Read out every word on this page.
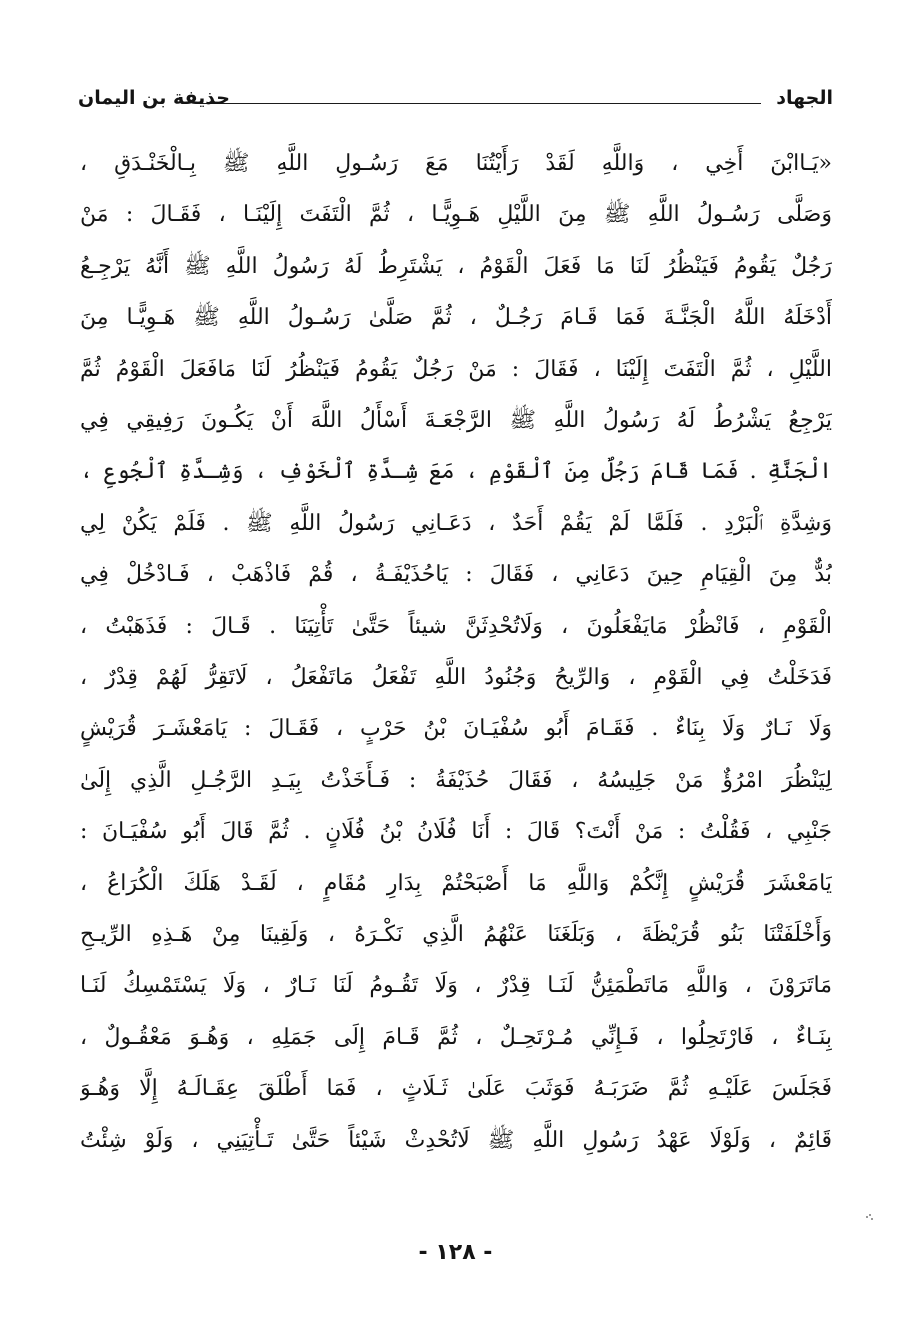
الجهاد
حذيفة بن اليمان
«يَـاابْنَ أَخِي ، وَاللَّهِ لَقَدْ رَأَيْتُنَا مَعَ رَسُـولِ اللَّهِ ﷺ بِـالْخَنْـدَقِ ،
وَصَلَّى رَسُـولُ اللَّهِ ﷺ مِنَ اللَّيْلِ هَـوِيًّـا ، ثُمَّ الْتَفَتَ إِلَيْنَـا ، فَقَـالَ : مَنْ
رَجُلٌ يَقُومُ فَيَنْظُرُ لَنَا مَا فَعَلَ الْقَوْمُ ، يَشْتَرِطُ لَهُ رَسُولُ اللَّهِ ﷺ أَنَّهُ يَرْجِـعُ
أَدْخَلَهُ اللَّهُ الْجَنَّـةَ فَمَا قَـامَ رَجُـلٌ ، ثُمَّ صَلَّىٰ رَسُـولُ اللَّهِ ﷺ هَـوِيًّـا مِنَ
اللَّيْلِ ، ثُمَّ الْتَفَتَ إِلَيْنَا ، فَقَالَ : مَنْ رَجُلٌ يَقُومُ فَيَنْظُرُ لَنَا مَافَعَلَ الْقَوْمُ ثُمَّ
يَرْجِعُ يَشْرُطُ لَهُ رَسُولُ اللَّهِ ﷺ الرَّجْعَـةَ أَسْأَلُ اللَّهَ أَنْ يَكُـونَ رَفِيقِي فِي
الْجَنَّةِ . فَمَا قَامَ رَجُلٌ مِنَ ٱلْقَوْمِ ، مَعَ شِـدَّةِ ٱلْخَوْفِ ، وَشِـدَّةِ ٱلْجُوعِ ،
وَشِدَّةِ ٱلْبَرْدِ . فَلَمَّا لَمْ يَقُمْ أَحَدٌ ، دَعَـانِي رَسُولُ اللَّهِ ﷺ . فَلَمْ يَكُنْ لِي
بُدٌّ مِنَ الْقِيَامِ حِينَ دَعَانِي ، فَقَالَ : يَاحُذَيْفَـةُ ، قُمْ فَاذْهَبْ ، فَـادْخُلْ فِي
الْقَوْمِ ، فَانْظُرْ مَايَفْعَلُونَ ، وَلَاتُحْدِثَنَّ شيئاً حَتَّىٰ تَأْتِيَنَا . قَـالَ : فَذَهَبْتُ ،
فَدَخَلْتُ فِي الْقَوْمِ ، وَالرِّيحُ وَجُنُودُ اللَّهِ تَفْعَلُ مَاتَفْعَلُ ، لَاتَقِرُّ لَهُمْ قِدْرٌ ،
وَلَا نَـارٌ وَلَا بِنَاءٌ . فَقَـامَ أَبُو سُفْيَـانَ بْنُ حَرْبٍ ، فَقَـالَ : يَامَعْشَـرَ قُرَيْشٍ
لِيَنْظُرَ امْرُؤٌ مَنْ جَلِيسُهُ ، فَقَالَ حُذَيْفَةُ : فَـأَخَذْتُ بِيَـدِ الرَّجُـلِ الَّذِي إِلَىٰ
جَنْبِي ، فَقُلْتُ : مَنْ أَنْتَ؟ قَالَ : أَنَا فُلَانُ بْنُ فُلَانٍ . ثُمَّ قَالَ أَبُو سُفْيَـانَ :
يَامَعْشَرَ قُرَيْشٍ إِنَّكُمْ وَاللَّهِ مَا أَصْبَحْتُمْ بِدَارِ مُقَامٍ ، لَقَـدْ هَلَكَ الْكُرَاعُ ،
وَأَخْلَفَتْنَا بَنُو قُرَيْظَةَ ، وَبَلَغَنَا عَنْهُمُ الَّذِي نَكْـرَهُ ، وَلَقِينَا مِنْ هَـذِهِ الرِّيـحِ
مَاتَرَوْنَ ، وَاللَّهِ مَاتَطْمَئِنُّ لَنَـا قِدْرٌ ، وَلَا تَقُـومُ لَنَا نَـارٌ ، وَلَا يَسْتَمْسِكُ لَنَـا
بِنَـاءٌ ، فَارْتَحِلُوا ، فَـإِنِّي مُـرْتَحِـلٌ ، ثُمَّ قَـامَ إِلَى جَمَلِهِ ، وَهُـوَ مَعْقُـولٌ ،
فَجَلَسَ عَلَيْـهِ ثُمَّ ضَرَبَـهُ فَوَثَبَ عَلَىٰ ثَـلَاثٍ ، فَمَا أَطْلَقَ عِقَـالَـهُ إِلَّا وَهُـوَ
قَائِمٌ ، وَلَوْلَا عَهْدُ رَسُولِ اللَّهِ ﷺ لَاتُحْدِثْ شَيْئاً حَتَّىٰ تَـأْتِيَنِي ، وَلَوْ شِئْتُ
- ١٢٨ -
